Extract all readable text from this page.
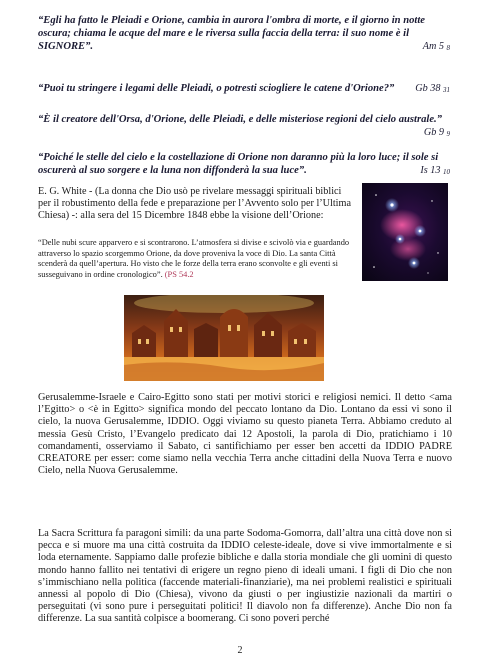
“Egli ha fatto le Pleiadi e Orione, cambia in aurora l'ombra di morte, e il giorno in notte oscura; chiama le acque del mare e le riversa sulla faccia della terra: il suo nome è il SIGNORE”.	Am 5 $_8$
“Puoi tu stringere i legami delle Pleiadi, o potresti sciogliere le catene d'Orione?” Gb 38 $_{31}$
“È il creatore dell'Orsa, d'Orione, delle Pleiadi, e delle misteriose regioni del cielo australe.”
Gb 9 $_9$
“Poiché le stelle del cielo e la costellazione di Orione non daranno più la loro luce; il sole si oscurerà al suo sorgere e la luna non diffonderà la sua luce”.	Is 13 $_{10}$
E. G. White - (La donna che Dio usò pe rivelare messaggi spirituali biblici per il robustimento della fede e preparazione per l’Avvento solo per l’Ultima Chiesa) -: alla sera del 15 Dicembre 1848 ebbe la visione dell’Orione:
“Delle nubi scure apparvero e si scontrarono. L’atmosfera si divise e scivolò via e guardando attraverso lo spazio scorgemmo Orione, da dove proveniva la voce di Dio. La santa Città scenderà da quell’apertura. Ho visto che le forze della terra erano sconvolte e gli eventi si susseguivano in ordine cronologico”. (PS 54.2
Gerusalemme-Israele e Cairo-Egitto sono stati per motivi storici e religiosi nemici. Il detto <ama l’Egitto> o <è in Egitto> significa mondo del peccato lontano da Dio. Lontano da essi vi sono il cielo, la nuova Gerusalemme, IDDIO. Oggi viviamo su questo pianeta Terra. Abbiamo creduto al messia Gesù Cristo, l’Evangelo predicato dai 12 Apostoli, la parola di Dio, pratichiamo i 10 comandamenti, osserviamo il Sabato, ci santifichiamo per esser ben accetti da IDDIO PADRE CREATORE per esser: come siamo nella vecchia Terra anche cittadini della Nuova Terra e nuovo Cielo, nella Nuova Gerusalemme.
La Sacra Scrittura fa paragoni simili: da una parte Sodoma-Gomorra, dall’altra una città dove non si pecca e si muore ma una città costruita da IDDIO celeste-ideale, dove si vive immortalmente e si loda eternamente. Sappiamo dalle profezie bibliche e dalla storia mondiale che gli uomini di questo mondo hanno fallito nei tentativi di erigere un regno pieno di ideali umani. I figli di Dio che non s’immischiano nella politica (faccende materiali-finanziarie), ma nei problemi realistici e spirituali annessi al popolo di Dio (Chiesa), vivono da giusti o per ingiustizie nazionali da martiri o perseguitati (vi sono pure i perseguitati politici! Il diavolo non fa differenze). Anche Dio non fa differenze. La sua santità colpisce a boomerang. Ci sono poveri perché
2
